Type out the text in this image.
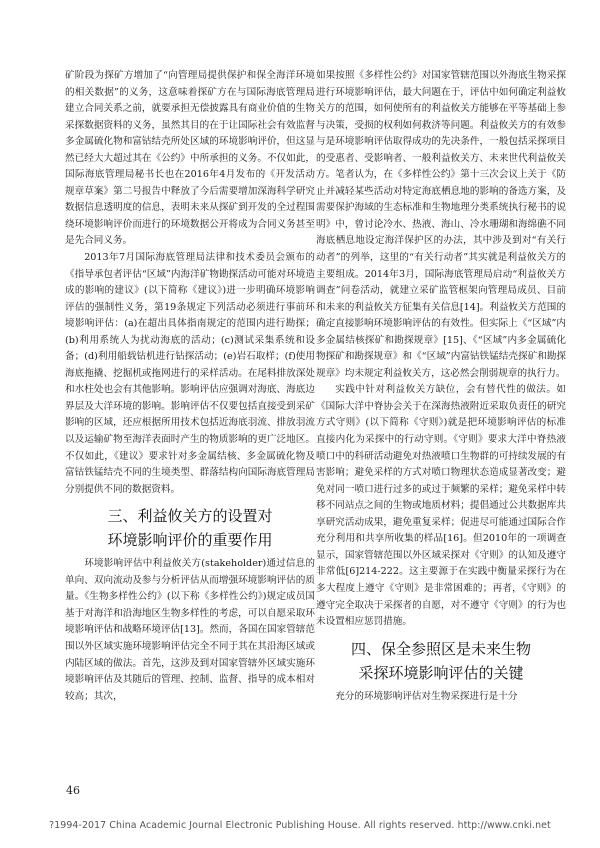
矿阶段为探矿方增加了“向管理局提供保护和保全海洋环境的相关数据”的义务，这意味着探矿方在与国际海底管理局建立合同关系之前，就要承担无偿披露具有商业价值的生物采探数据资料的义务，虽然其目的在于让国际社会有效监督多金属硫化物和富钴结壳所处区域的环境影响评价，但这显然已经大大超过其在《公约》中所承担的义务。不仅如此，国际海底管理局秘书长也在2016年4月发布的《开发活动规章草案》第二号报告中释放了今后需要增加深海科学研究数据信息透明度的信息，表明未来从探矿到开发的全过程围绕环境影响评价而进行的环境数据公开将成为合同义务甚至是先合同义务。

2013年7月国际海底管理局法律和技术委员会颁布的《指导承包者评估“区域”内海洋矿物勘探活动可能对环境造成的影响的建议》(以下简称《建议》)进一步明确环境影响评估的强制性义务，第19条规定下列活动必须进行事前环境影响评估：(a)在超出具体指南规定的范围内进行勘探；(b)利用系统人为扰动海底的活动；(c)测试采集系统和设备；(d)利用船载钻机进行钻探活动；(e)岩石取样；(f)使用海底拖撬、挖掘机或拖网进行的采样活动。在尾料排放深处和水柱处也会有其他影响。影响评估应强调对海底、海底边界层及大洋环境的影响。影响评估不仅要包括直接受到采矿影响的区域，还应根据所用技术包括近海底羽流、排放羽流以及运输矿物至海洋表面时产生的物质影响的更广泛地区。不仅如此，《建议》要求针对多金属结核、多金属硫化物及富钴铁锰结壳不同的生境类型、群落结构向国际海底管理局分别提供不同的数据资料。

三、利益攸关方的设置对
环境影响评价的重要作用

环境影响评估中利益攸关方(stakeholder)通过信息的单向、双向流动及参与分析评估从而增强环境影响评估的质量。《生物多样性公约》(以下称《多样性公约》)规定成员国基于对海洋和沿海地区生物多样性的考虑，可以自愿采取环境影响评估和战略环境评估[13]。然而，各国在国家管辖范围以外区域实施环境影响评估完全不同于其在其沿海区域或内陆区域的做法。首先，这涉及到对国家管辖外区域实施环境影响评估及其随后的管理、控制、监督、指导的成本相对较高；其次，

如果按照《多样性公约》对国家管辖范围以外海底生物采探进行环境影响评估，最大问题在于，评估中如何确定利益攸关方的范围，如何使所有的利益攸关方能够在平等基础上参与决策，受损的权利如何救济等问题。利益攸关方的有效参与是环境影响评估取得成功的先决条件，一般包括采探项目的受惠者、受影响者、一般利益攸关方、未来世代利益攸关方。笔者认为，在《多样性公约》第十三次会议上关于《防止并减轻某些活动对特定海底栖息地的影响的备选方案，及需要保护海域的生态标准和生物地理分类系统执行秘书的说明》中，曾讨论冷水、热液、海山、冷水珊瑚和海绵礁不同海底栖息地设定海洋保护区的办法，其中涉及到对“有关行动者”的列举，这里的“有关行动者”其实就是利益攸关方的主要组成。2014年3月，国际海底管理局启动“利益攸关方调查”问卷活动，就建立采矿监管框架向管理局成员、目前和未来的利益攸关方征集有关信息[14]。利益攸关方范围的确定直接影响环境影响评估的有效性。但实际上《“区域”内多金属结核探矿和勘探规章》[15]、《“区域”内多金属硫化物探矿和勘探规章》和《“区域”内富钴铁锰结壳探矿和勘探规章》均未规定利益攸关方，这必然会削弱规章的执行力。

实践中针对利益攸关方缺位，会有替代性的做法。如《国际大洋中脊协会关于在深海热液附近采取负责任的研究方式守则》(以下简称《守则》)就是把环境影响评估的标准直接内化为采探中的行动守则。《守则》要求大洋中脊热液喷口中的科研活动避免对热液喷口生物群的可持续发展的有害影响；避免采样的方式对喷口物理状态造成显著改变；避免对同一喷口进行过多的或过于频繁的采样；避免采样中转移不同站点之间的生物或地质材料；提倡通过公共数据库共享研究活动成果，避免重复采样；促进尽可能通过国际合作充分利用和共享所收集的样品[16]。但2010年的一项调查显示，国家管辖范围以外区域采探对《守则》的认知及遵守非常低[6]214-222。这主要源于在实践中衡量采探行为在多大程度上遵守《守则》是非常困难的；再者，《守则》的遵守完全取决于采探者的自愿，对不遵守《守则》的行为也未设置相应惩罚措施。

四、保全参照区是未来生物
采探环境影响评估的关键

充分的环境影响评估对生物采探进行是十分

46
?1994-2017 China Academic Journal Electronic Publishing House. All rights reserved. http://www.cnki.net
